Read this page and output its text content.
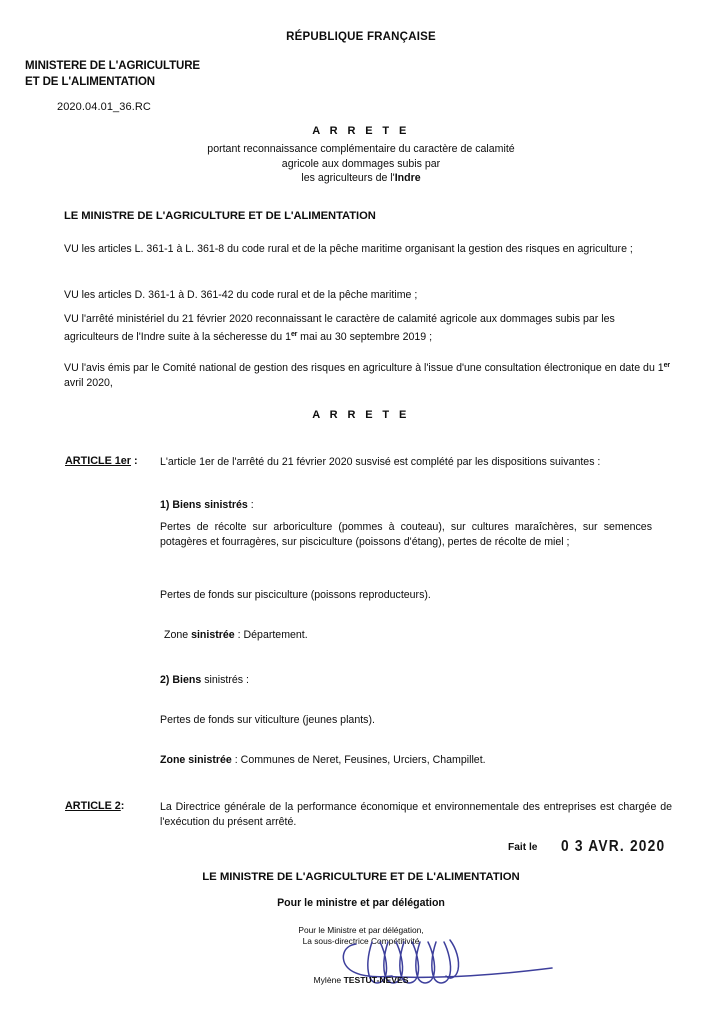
RÉPUBLIQUE FRANÇAISE
MINISTERE DE L'AGRICULTURE
ET DE L'ALIMENTATION
2020.04.01_36.RC
A R R E T E
portant reconnaissance complémentaire du caractère de calamité
agricole aux dommages subis par
les agriculteurs de l'Indre
LE MINISTRE DE L'AGRICULTURE ET DE L'ALIMENTATION
VU les articles L. 361-1 à L. 361-8 du code rural et de la pêche maritime organisant la gestion des risques en agriculture ;
VU les articles D. 361-1 à D. 361-42 du code rural et de la pêche maritime ;
VU l'arrêté ministériel du 21 février 2020 reconnaissant le caractère de calamité agricole aux dommages subis par les agriculteurs de l'Indre suite à la sécheresse du 1er mai au 30 septembre 2019 ;
VU l'avis émis par le Comité national de gestion des risques en agriculture à l'issue d'une consultation électronique en date du 1er avril 2020,
A R R E T E
ARTICLE 1er : L'article 1er de l'arrêté du 21 février 2020 susvisé est complété par les dispositions suivantes :
1) Biens sinistrés :
Pertes de récolte sur arboriculture (pommes à couteau), sur cultures maraîchères, sur semences potagères et fourragères, sur pisciculture (poissons d'étang), pertes de récolte de miel ;
Pertes de fonds sur pisciculture (poissons reproducteurs).
Zone sinistrée : Département.
2) Biens sinistrés :
Pertes de fonds sur viticulture (jeunes plants).
Zone sinistrée : Communes de Neret, Feusines, Urciers, Champillet.
ARTICLE 2:	La Directrice générale de la performance économique et environnementale des entreprises est chargée de l'exécution du présent arrêté.
Fait le 0 3 AVR. 2020
LE MINISTRE DE L'AGRICULTURE ET DE L'ALIMENTATION
Pour le ministre et par délégation
Pour le Ministre et par délégation,
La sous-directrice Compétitivité
Mylène TESTUT-NEVES
